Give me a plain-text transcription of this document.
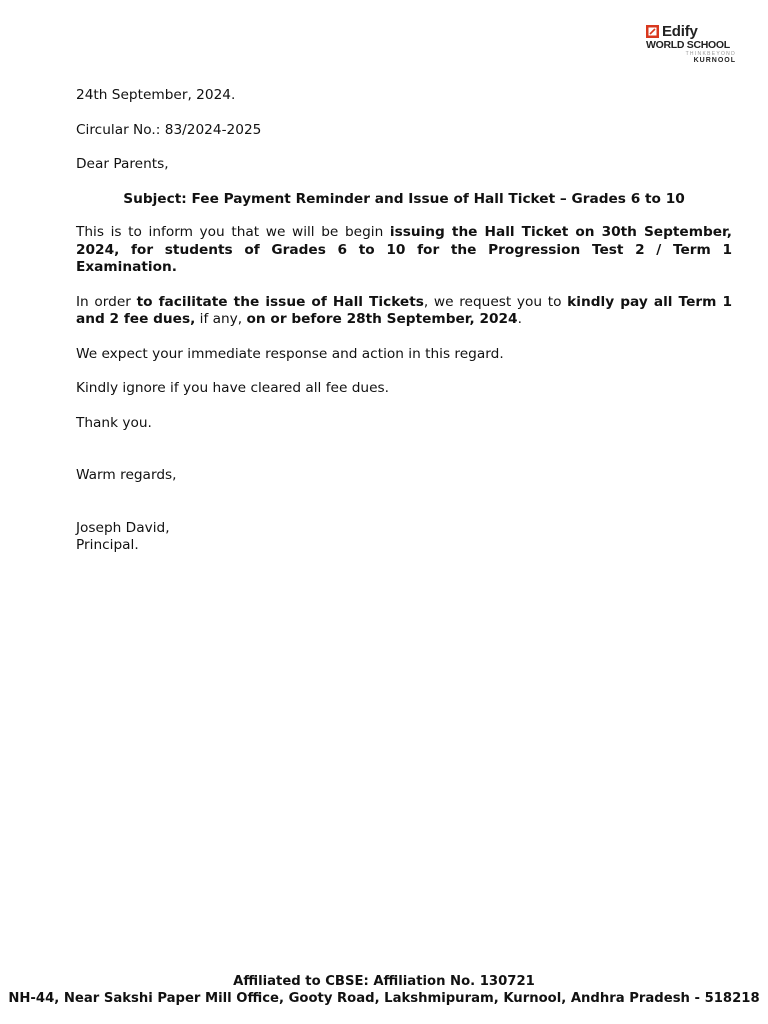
Edify
WORLD SCHOOL
THINKBEYOND
KURNOOL

24th September, 2024.

Circular No.: 83/2024-2025

Dear Parents,

Subject: Fee Payment Reminder and Issue of Hall Ticket – Grades 6 to 10

This is to inform you that we will be begin issuing the Hall Ticket on 30th September, 2024, for students of Grades 6 to 10 for the Progression Test 2 / Term 1 Examination.

In order to facilitate the issue of Hall Tickets, we request you to kindly pay all Term 1 and 2 fee dues, if any, on or before 28th September, 2024.

We expect your immediate response and action in this regard.

Kindly ignore if you have cleared all fee dues.

Thank you.

Warm regards,

Joseph David,

Principal.

Affiliated to CBSE: Affiliation No. 130721
NH-44, Near Sakshi Paper Mill Office, Gooty Road, Lakshmipuram, Kurnool, Andhra Pradesh - 518218
